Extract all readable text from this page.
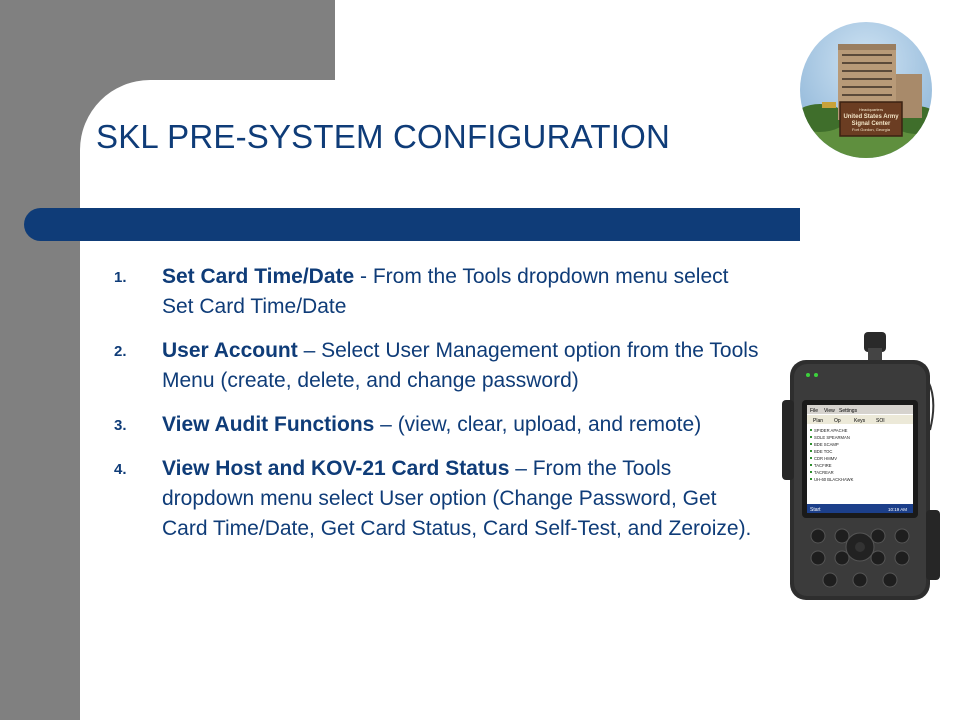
SKL PRE-SYSTEM CONFIGURATION
Headquarters
United States Army
Signal Center
Fort Gordon, Georgia
1. Set Card Time/Date - From the Tools dropdown menu select Set Card Time/Date
2. User Account – Select User Management option from the Tools Menu (create, delete, and change password)
3. View Audit Functions – (view, clear, upload, and remote)
4. View Host and KOV-21 Card Status – From the Tools dropdown menu select User option (Change Password, Get Card Time/Date, Get Card Status, Card Self-Test, and Zeroize).
File View Settings
Plan Op	Keys SOI
SPIDER APACHE
SOLE SPEARMAN
BDE SCAMP
BDE TOC
CDR HMMV
TACFIRE
TACREAR
UH-60 BLACKHAWK
Start	10:19 AM
